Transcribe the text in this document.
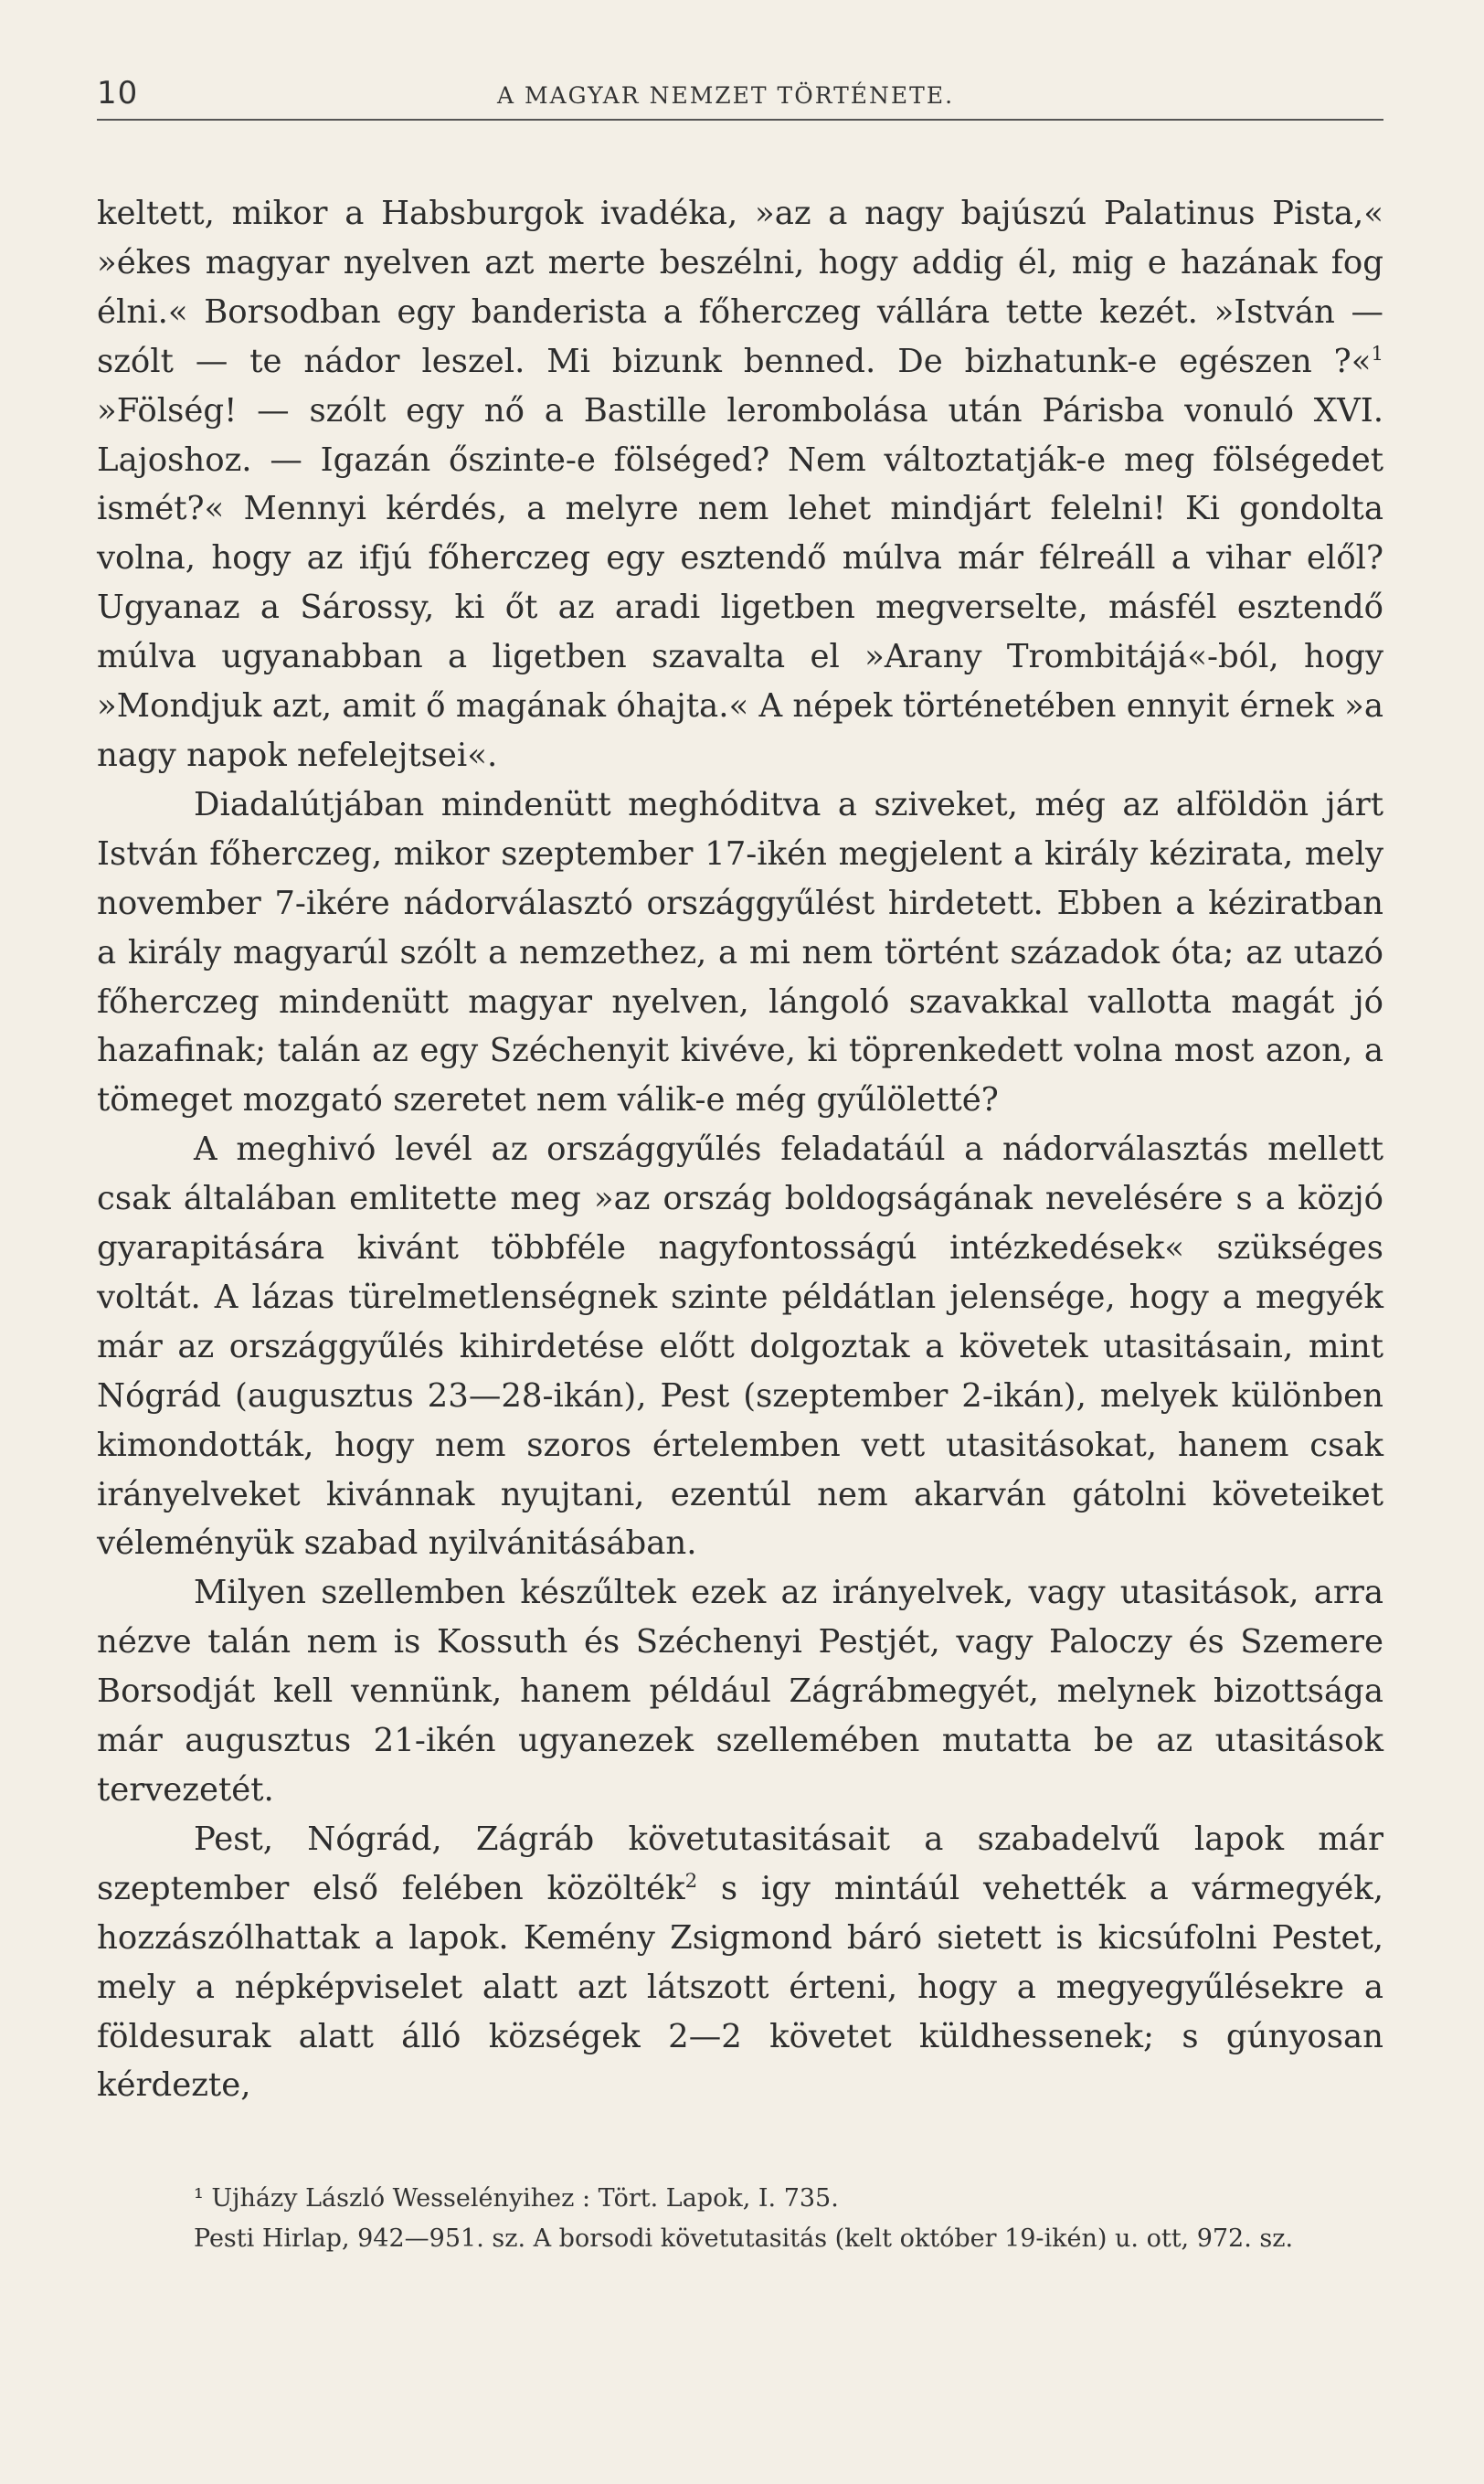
10	A MAGYAR NEMZET TÖRTÉNETE.

keltett, mikor a Habsburgok ivadéka, »az a nagy bajúszú Palatinus Pista,« »ékes magyar nyelven azt merte beszélni, hogy addig él, mig e hazának fog élni.« Borsodban egy banderista a főherczeg vállára tette kezét. »István — szólt — te nádor leszel. Mi bizunk benned. De bizhatunk-e egészen ?«$^1$ »Fölség! — szólt egy nő a Bastille lerombolása után Párisba vonuló XVI. Lajoshoz. — Igazán őszinte-e fölséged? Nem változtatják-e meg fölségedet ismét?« Mennyi kérdés, a melyre nem lehet mindjárt felelni! Ki gondolta volna, hogy az ifjú főherczeg egy esztendő múlva már félreáll a vihar elől? Ugyanaz a Sárossy, ki őt az aradi ligetben megverselte, másfél esztendő múlva ugyanabban a ligetben szavalta el »Arany Trombitájá«-ból, hogy »Mondjuk azt, amit ő magának óhajta.« A népek történetében ennyit érnek »a nagy napok nefelejtsei«.

Diadalútjában mindenütt meghóditva a sziveket, még az alföldön járt István főherczeg, mikor szeptember 17-ikén megjelent a király kézirata, mely november 7-ikére nádorválasztó országgyűlést hirdetett. Ebben a kéziratban a király magyarúl szólt a nemzethez, a mi nem történt századok óta; az utazó főherczeg mindenütt magyar nyelven, lángoló szavakkal vallotta magát jó hazafinak; talán az egy Széchenyit kivéve, ki töprenkedett volna most azon, a tömeget mozgató szeretet nem válik-e még gyűlöletté?

A meghivó levél az országgyűlés feladatáúl a nádorválasztás mellett csak általában emlitette meg »az ország boldogságának nevelésére s a közjó gyarapitására kivánt többféle nagyfontosságú intézkedések« szükséges voltát. A lázas türelmetlenségnek szinte példátlan jelensége, hogy a megyék már az országgyűlés kihirdetése előtt dolgoztak a követek utasitásain, mint Nógrád (augusztus 23—28-ikán), Pest (szeptember 2-ikán), melyek különben kimondották, hogy nem szoros értelemben vett utasitásokat, hanem csak irányelveket kivánnak nyujtani, ezentúl nem akarván gátolni követeiket véleményük szabad nyilvánitásában.

Milyen szellemben készűltek ezek az irányelvek, vagy utasitások, arra nézve talán nem is Kossuth és Széchenyi Pestjét, vagy Paloczy és Szemere Borsodját kell vennünk, hanem például Zágrábmegyét, melynek bizottsága már augusztus 21-ikén ugyanezek szellemében mutatta be az utasitások tervezetét.

Pest, Nógrád, Zágráb követutasitásait a szabadelvű lapok már szeptember első felében közölték$^2$ s igy mintáúl vehették a vármegyék, hozzászólhattak a lapok. Kemény Zsigmond báró sietett is kicsúfolni Pestet, mely a népképviselet alatt azt látszott érteni, hogy a megyegyűlésekre a földesurak alatt álló községek 2—2 követet küldhessenek; s gúnyosan kérdezte,

¹ Ujházy László Wesselényihez : Tört. Lapok, I. 735.

Pesti Hirlap, 942—951. sz. A borsodi követutasitás (kelt október 19-ikén) u. ott, 972. sz.
